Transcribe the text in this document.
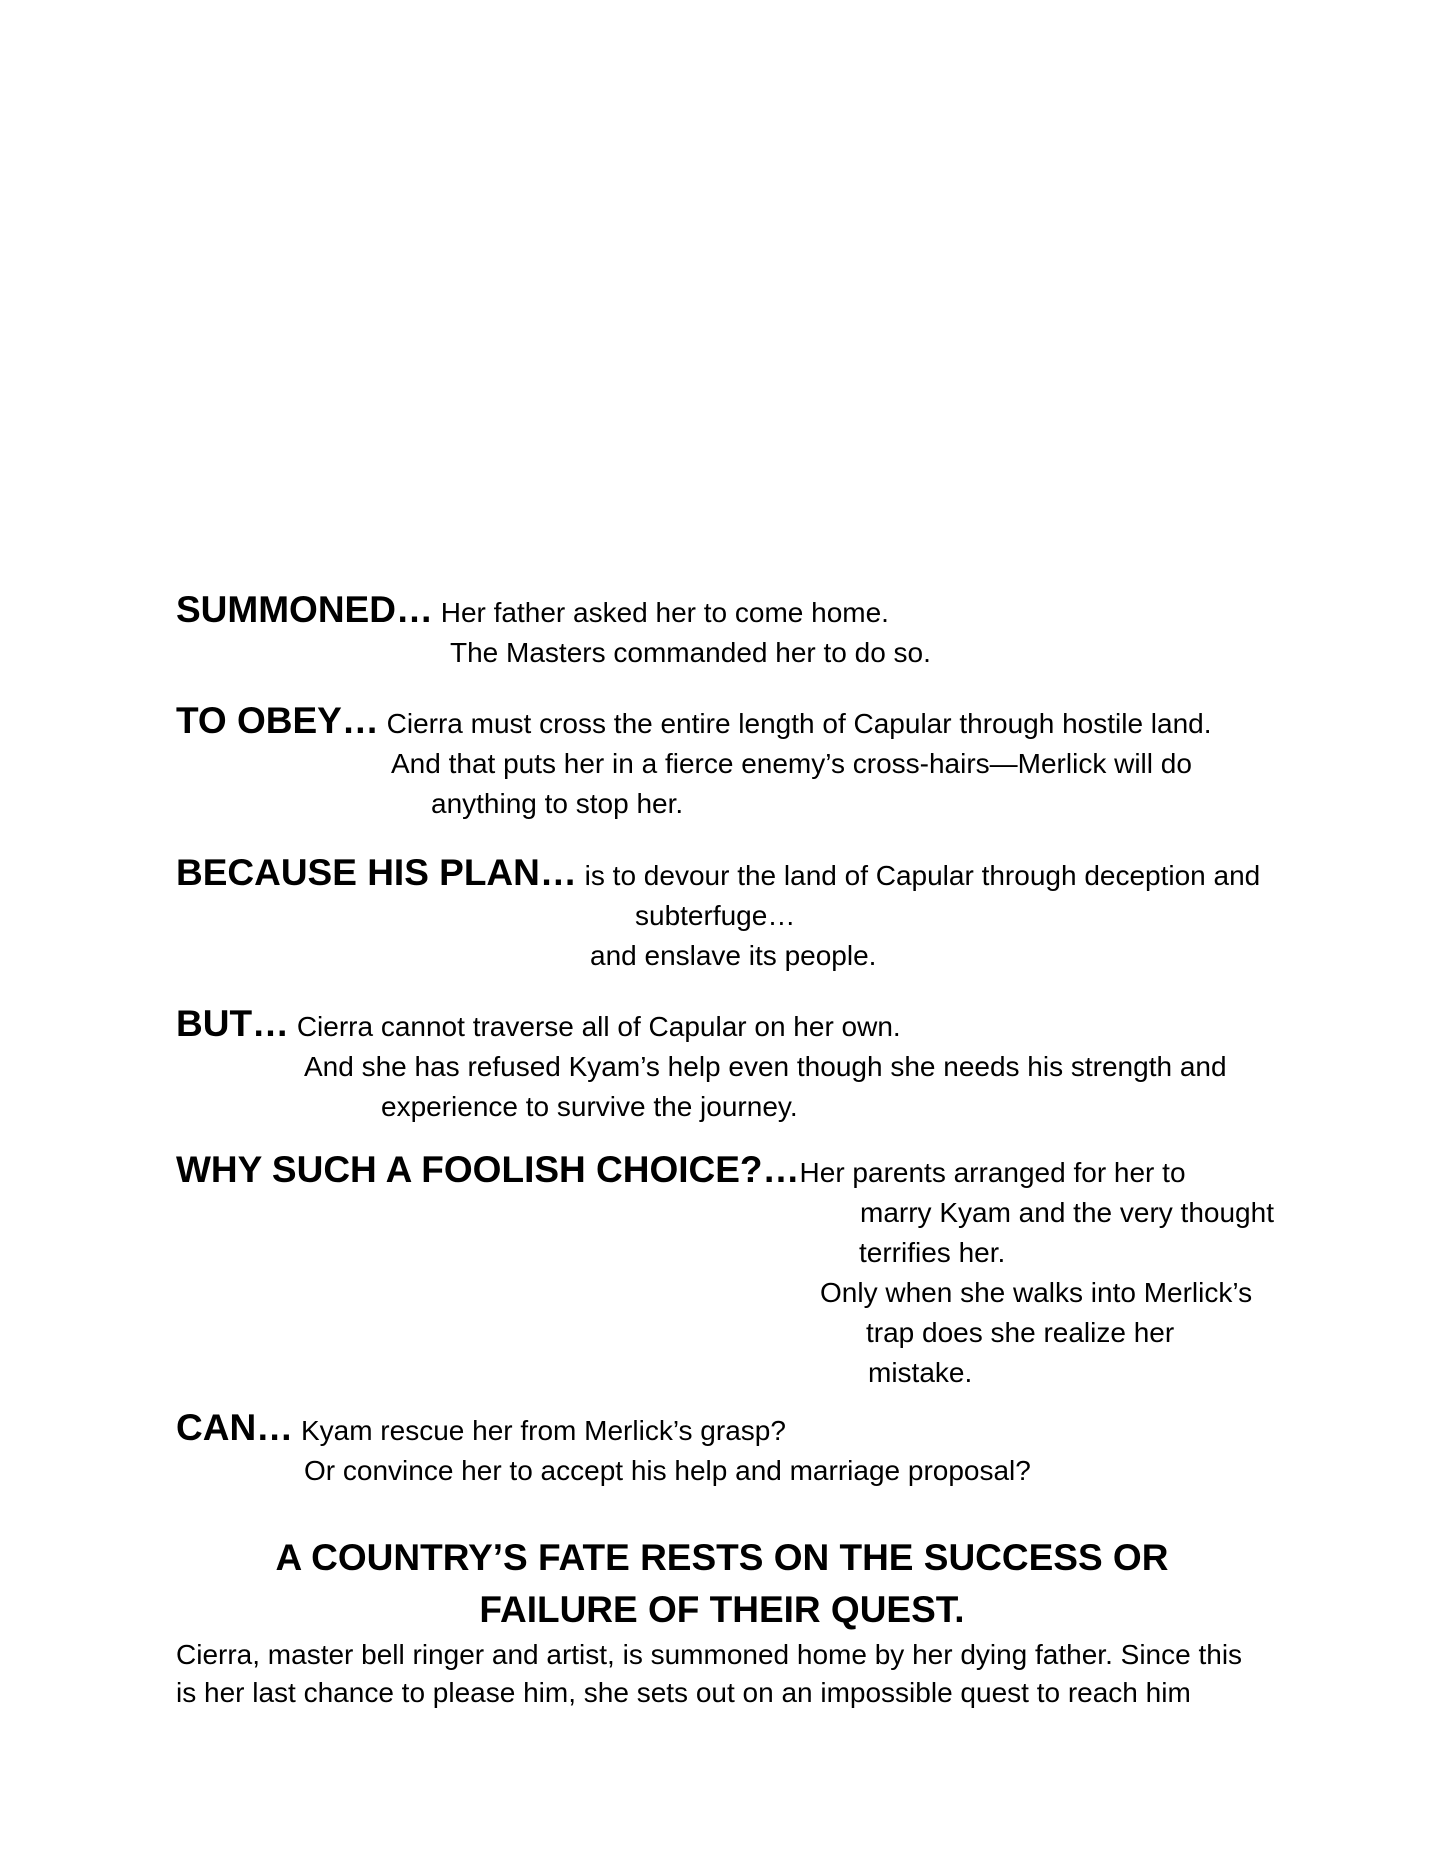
SUMMONED… Her father asked her to come home.
The Masters commanded her to do so.
TO OBEY… Cierra must cross the entire length of Capular through hostile land.
And that puts her in a fierce enemy’s cross-hairs—Merlick will do
anything to stop her.
BECAUSE HIS PLAN… is to devour the land of Capular through deception and
subterfuge…
and enslave its people.
BUT… Cierra cannot traverse all of Capular on her own.
And she has refused Kyam’s help even though she needs his strength and
experience to survive the journey.
WHY SUCH A FOOLISH CHOICE?…Her parents arranged for her to
marry Kyam and the very thought
terrifies her.
Only when she walks into Merlick’s
trap does she realize her
mistake.
CAN… Kyam rescue her from Merlick’s grasp?
Or convince her to accept his help and marriage proposal?
A COUNTRY’S FATE RESTS ON THE SUCCESS OR
FAILURE OF THEIR QUEST.
Cierra, master bell ringer and artist, is summoned home by her dying father. Since this
is her last chance to please him, she sets out on an impossible quest to reach him
